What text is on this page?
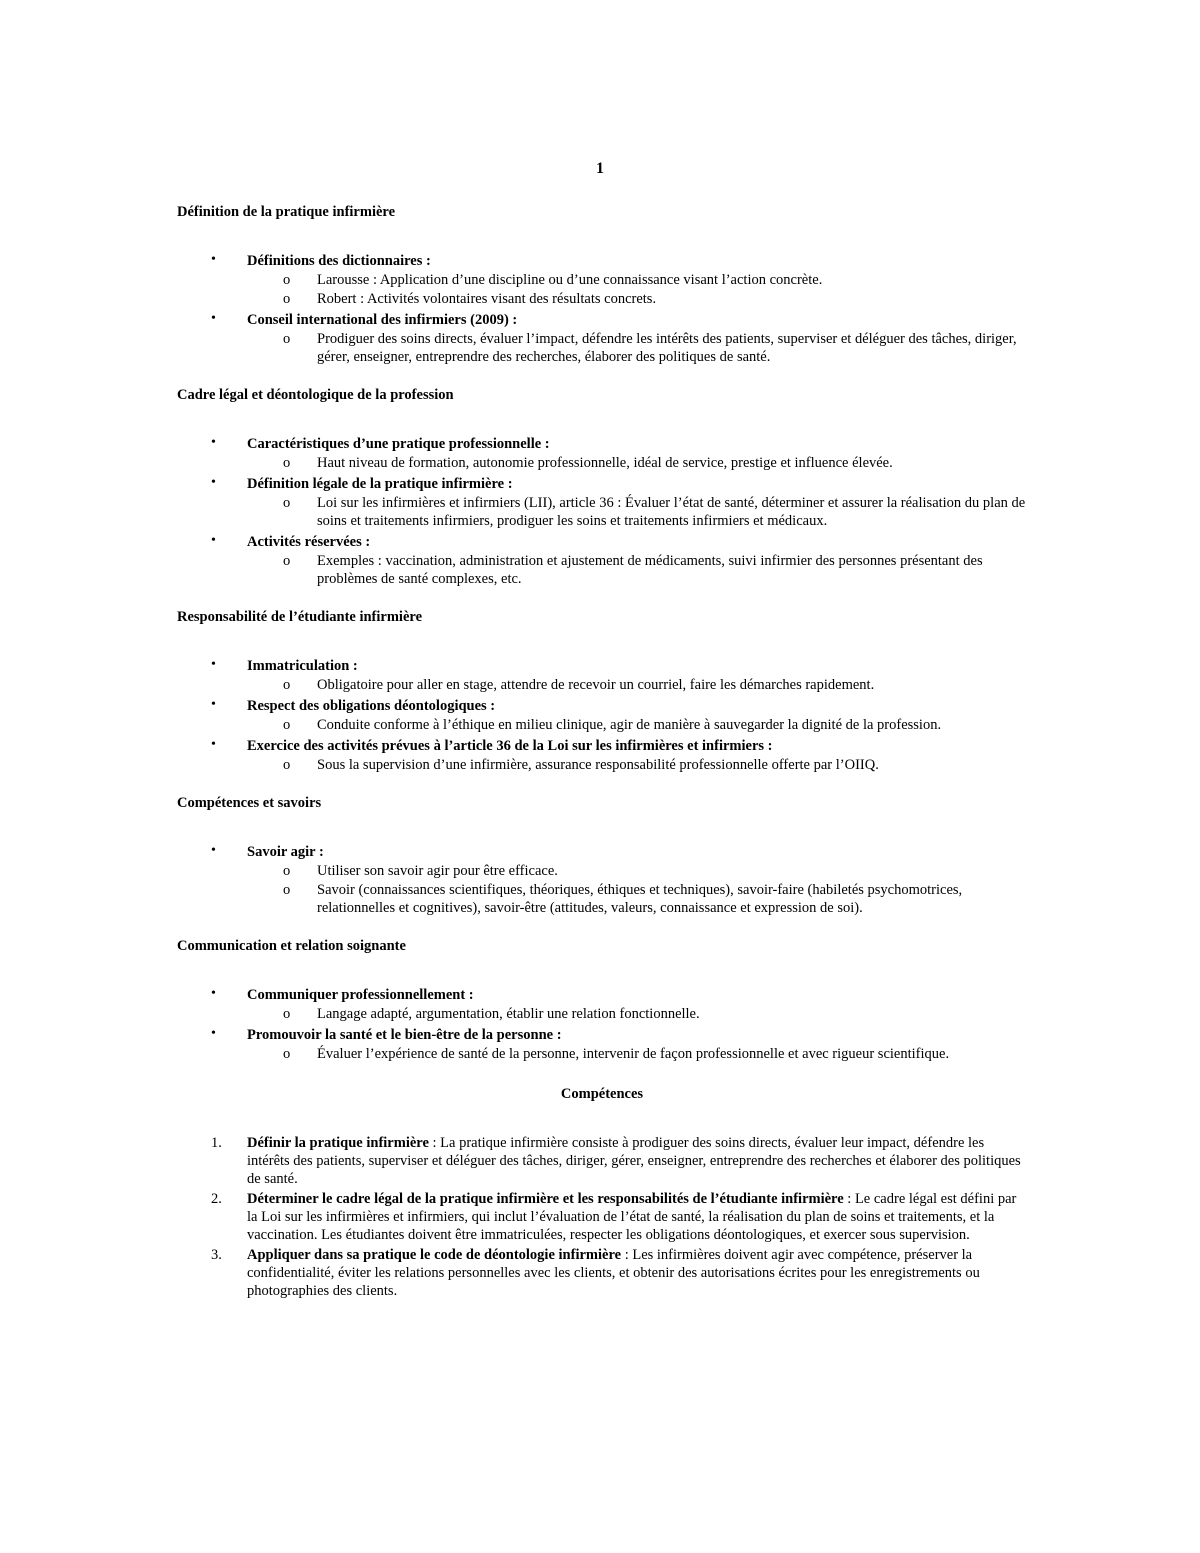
1
Définition de la pratique infirmière
• Définitions des dictionnaires :
o Larousse : Application d’une discipline ou d’une connaissance visant l’action concrète.
o Robert : Activités volontaires visant des résultats concrets.
• Conseil international des infirmiers (2009) :
o Prodiguer des soins directs, évaluer l’impact, défendre les intérêts des patients, superviser et déléguer des tâches, diriger, gérer, enseigner, entreprendre des recherches, élaborer des politiques de santé.
Cadre légal et déontologique de la profession
• Caractéristiques d’une pratique professionnelle :
o Haut niveau de formation, autonomie professionnelle, idéal de service, prestige et influence élevée.
• Définition légale de la pratique infirmière :
o Loi sur les infirmières et infirmiers (LII), article 36 : Évaluer l’état de santé, déterminer et assurer la réalisation du plan de soins et traitements infirmiers, prodiguer les soins et traitements infirmiers et médicaux.
• Activités réservées :
o Exemples : vaccination, administration et ajustement de médicaments, suivi infirmier des personnes présentant des problèmes de santé complexes, etc.
Responsabilité de l’étudiante infirmière
• Immatriculation :
o Obligatoire pour aller en stage, attendre de recevoir un courriel, faire les démarches rapidement.
• Respect des obligations déontologiques :
o Conduite conforme à l’éthique en milieu clinique, agir de manière à sauvegarder la dignité de la profession.
• Exercice des activités prévues à l’article 36 de la Loi sur les infirmières et infirmiers :
o Sous la supervision d’une infirmière, assurance responsabilité professionnelle offerte par l’OIIQ.
Compétences et savoirs
• Savoir agir :
o Utiliser son savoir agir pour être efficace.
o Savoir (connaissances scientifiques, théoriques, éthiques et techniques), savoir-faire (habiletés psychomotrices, relationnelles et cognitives), savoir-être (attitudes, valeurs, connaissance et expression de soi).
Communication et relation soignante
• Communiquer professionnellement :
o Langage adapté, argumentation, établir une relation fonctionnelle.
• Promouvoir la santé et le bien-être de la personne :
o Évaluer l’expérience de santé de la personne, intervenir de façon professionnelle et avec rigueur scientifique.
Compétences
1. Définir la pratique infirmière : La pratique infirmière consiste à prodiguer des soins directs, évaluer leur impact, défendre les intérêts des patients, superviser et déléguer des tâches, diriger, gérer, enseigner, entreprendre des recherches et élaborer des politiques de santé.
2. Déterminer le cadre légal de la pratique infirmière et les responsabilités de l’étudiante infirmière : Le cadre légal est défini par la Loi sur les infirmières et infirmiers, qui inclut l’évaluation de l’état de santé, la réalisation du plan de soins et traitements, et la vaccination. Les étudiantes doivent être immatriculées, respecter les obligations déontologiques, et exercer sous supervision.
3. Appliquer dans sa pratique le code de déontologie infirmière : Les infirmières doivent agir avec compétence, préserver la confidentialité, éviter les relations personnelles avec les clients, et obtenir des autorisations écrites pour les enregistrements ou photographies des clients.
